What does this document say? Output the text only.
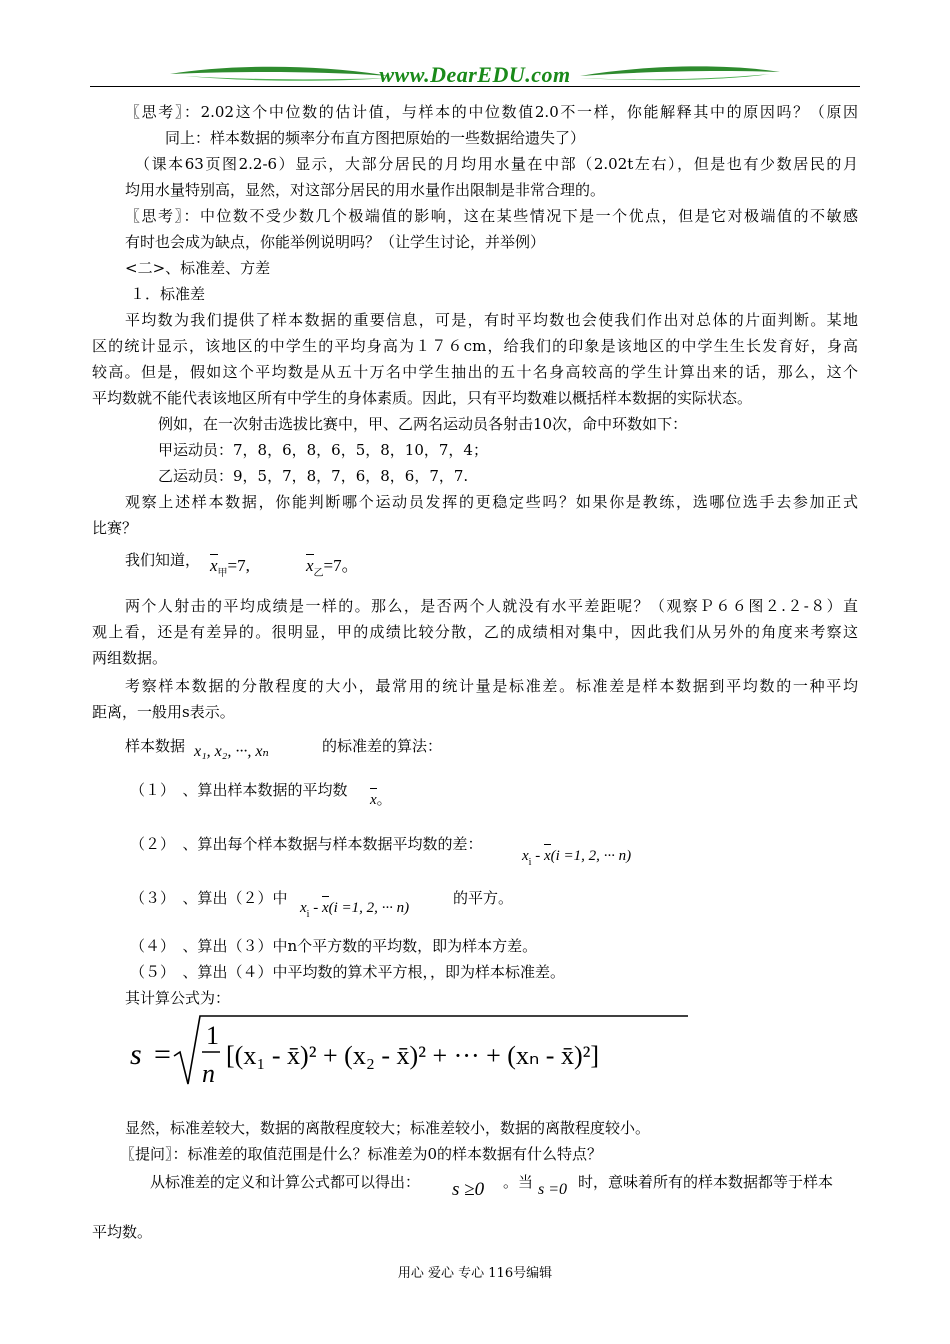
www.DearEDU.com
〖思考〗：2.02这个中位数的估计值，与样本的中位数值2.0不一样，你能解释其中的原因吗？（原因
同上：样本数据的频率分布直方图把原始的一些数据给遗失了）
（课本63页图2.2-6）显示，大部分居民的月均用水量在中部（2.02t左右），但是也有少数居民的月
均用水量特别高，显然，对这部分居民的用水量作出限制是非常合理的。
〖思考〗：中位数不受少数几个极端值的影响，这在某些情况下是一个优点，但是它对极端值的不敏感
有时也会成为缺点，你能举例说明吗？（让学生讨论，并举例）
<二>、标准差、方差
１．标准差
平均数为我们提供了样本数据的重要信息，可是，有时平均数也会使我们作出对总体的片面判断。某地
区的统计显示，该地区的中学生的平均身高为１７６cm，给我们的印象是该地区的中学生生长发育好，身高
较高。但是，假如这个平均数是从五十万名中学生抽出的五十名身高较高的学生计算出来的话，那么，这个
平均数就不能代表该地区所有中学生的身体素质。因此，只有平均数难以概括样本数据的实际状态。
例如，在一次射击选拔比赛中，甲、乙两名运动员各射击10次，命中环数如下：
甲运动员：7，8，6，8，6，5，8，10，7，4；
乙运动员：9，5，7，8，7，6，8，6，7，7.
观察上述样本数据，你能判断哪个运动员发挥的更稳定些吗？如果你是教练，选哪位选手去参加正式
比赛？
我们知道， $x_甲=7$,	$x_乙=7$。
两个人射击的平均成绩是一样的。那么，是否两个人就没有水平差距呢？（观察Ｐ６６图２.２-８）直
观上看，还是有差异的。很明显，甲的成绩比较分散，乙的成绩相对集中，因此我们从另外的角度来考察这
两组数据。
考察样本数据的分散程度的大小，最常用的统计量是标准差。标准差是样本数据到平均数的一种平均
距离，一般用s表示。
样本数据 x₁, x₂, ···, xₙ	的标准差的算法：
（１）　、算出样本数据的平均数
x。
（２）　、算出每个样本数据与样本数据平均数的差：
$x_i - x(i =1$, 2, ··· n)
（３）　、算出（２）中
$x_i - x(i =1$, 2, ··· n)
的平方。
（４）　、算出（３）中n个平方数的平均数，即为样本方差。
（５）　、算出（４）中平均数的算术平方根，，即为样本标准差。
其计算公式为：
s =
1
n
[(x₁ - x̄)² + (x₂ - x̄)² + ··· + (xₙ - x̄)²]
显然，标准差较大，数据的离散程度较大；标准差较小，数据的离散程度较小。
〖提问〗：标准差的取值范围是什么？标准差为0的样本数据有什么特点？
从标准差的定义和计算公式都可以得出： s ≥0 。 当 s =0 时，意味着所有的样本数据都等于样本
平均数。
用心 爱心 专心 116号编辑
